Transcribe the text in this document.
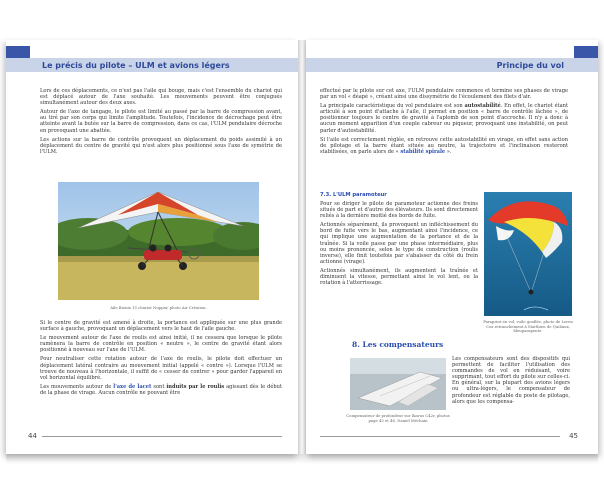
Le précis du pilote – ULM et avions légers

Lors de ces déplacements, ce n'est pas l'aile qui bouge, mais c'est l'ensemble du chariot qui est déplacé autour de l'axe souhaité. Les mouvements peuvent être conjugués simultanément autour des deux axes.

Autour de l'axe de tangage, le pilote est limité au passé par la barre de compression avant, au tiré par son corps qui limite l'amplitude. Toutefois, l'incidence de décrochage peut être atteinte avant la butée sur la barre de compression, dans ce cas, l'ULM pendulaire décroche en provoquant une abattée.

Les actions sur la barre de contrôle provoquent un déplacement du poids assimilé à un déplacement du centre de gravité qui n'est alors plus positionné sous l'axe de symétrie de l'ULM.

Aile Bionix 15 chariot Nuppar, photo Air Création.

Si le centre de gravité est amené à droite, la portance est appliquée sur une plus grande surface à gauche, provoquant un déplacement vers le haut de l'aile gauche.

Le mouvement autour de l'axe de roulis est ainsi initié, il ne cessera que lorsque le pilote ramènera la barre de contrôle en position « neutre », le centre de gravité étant alors positionné à nouveau sur l'axe de l'ULM.

Pour neutraliser cette rotation autour de l'axe de roulis, le pilote doit effectuer un déplacement latéral contraire au mouvement initial (appelé « contre »). Lorsque l'ULM se trouve de nouveau à l'horizontale, il suffit de « cesser de contrer » pour garder l'appareil en vol horizontal équilibré.

Les mouvements autour de l'axe de lacet sont induits par le roulis agissant dès le début de la phase de virage. Aucun contrôle ne pouvant être

44
Principe du vol

effectué par le pilote sur cet axe, l'ULM pendulaire commence et termine ses phases de virage par un vol « déapé », créant ainsi une dissymétrie de l'écoulement des filets d'air.

La principale caractéristique du vol pendulaire est son autostabilité. En effet, le chariot étant articulé à son point d'attache à l'aile, il permet en position « barre de contrôle lâchée », de positionner toujours le centre de gravité à l'aplomb de son point d'accroche. Il n'y a donc à aucun moment apparition d'un couple cabreur ou piqueur, provoquant une instabilité, on peut parler d'autostabilité.

Si l'aile est correctement réglée, en retrouve cette autostabilité en virage, en effet sans action de pilotage et la barre étant située au neutre, la trajectoire et l'inclinaison resteront stabilisées, on parle alors de « stabilité spirale ».

7.3. L'ULM paramoteur

Pour se diriger le pilote de paramoteur actionne des freins situés de part et d'autre des élévateurs. Ils sont directement reliés à la dernière moitié des bords de fuite.

Actionnés séparément, ils provoquent un infléchissement du bord de fuite vers le bas, augmentant ainsi l'incidence, ce qui implique une augmentation de la portance et de la traînée. Si la voile passe par une phase intermédiaire, plus ou moins prononcée, selon le type de construction (roulis inverse), elle finit toutefois par s'abaisser du côté du frein actionné (virage).

Actionnés simultanément, ils augmentent la traînée et diminuent la vitesse, permettant ainsi le vol lent, ou la rotation à l'atterrissage.

Paraprint en vol, voile gonflée, photo de Loren Cox retranchement à Matthieu de Quiliaux, bleuparapente.
8. Les compensateurs
Compensateur de profondeur sur Ikarus C42r, photos page 45 et 46, Daniel Méchain

Les compensateurs sont des dispositifs qui permettent de faciliter l'utilisation des commandes de vol en réduisant, voire supprimant, tout effort du pilote sur celles-ci. En général, sur la plupart des avions légers ou ultra-légers, le compensateur de profondeur est réglable du poste de pilotage, alors que les compensa-

45
